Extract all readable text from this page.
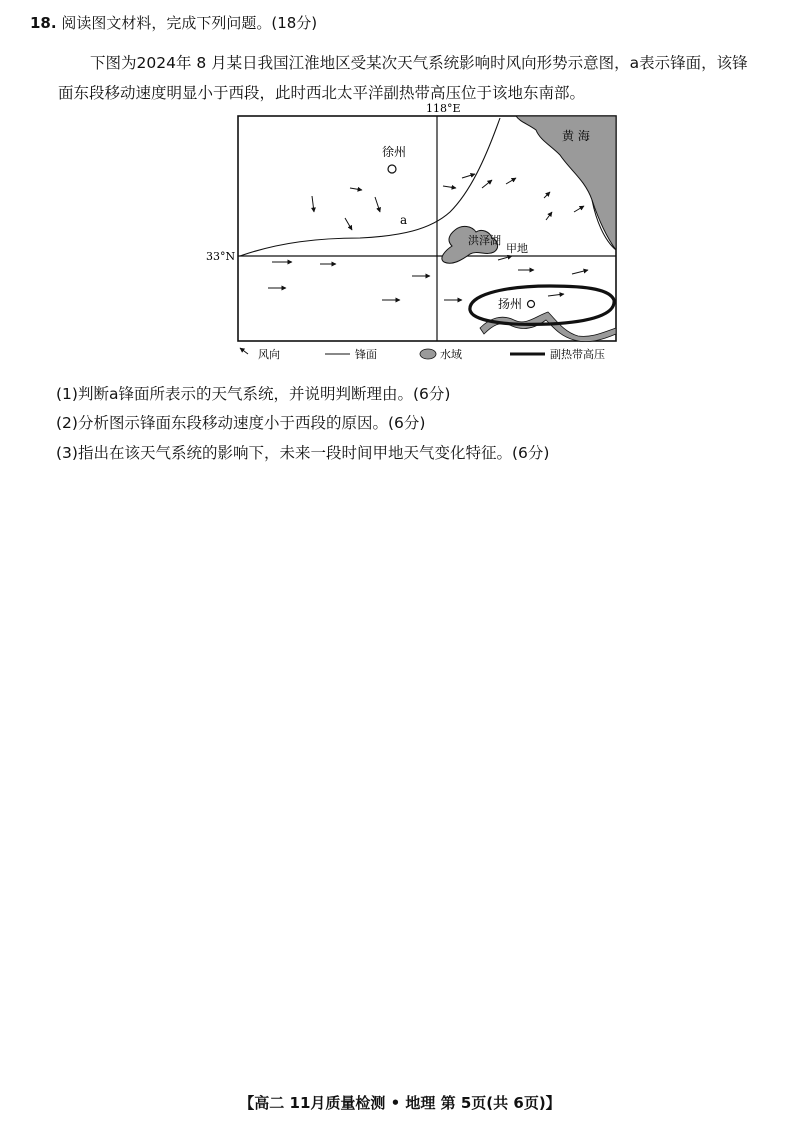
18. 阅读图文材料，完成下列问题。(18分)
下图为2024年 8 月某日我国江淮地区受某次天气系统影响时风向形势示意图，a表示锋面，该锋
面东段移动速度明显小于西段，此时西北太平洋副热带高压位于该地东南部。
118°E
33°N
黄 海
徐州
a
洪泽湖
甲地
扬州
风向	锋面	水域	副热带高压
(1)判断a锋面所表示的天气系统，并说明判断理由。(6分)
(2)分析图示锋面东段移动速度小于西段的原因。(6分)
(3)指出在该天气系统的影响下，未来一段时间甲地天气变化特征。(6分)
【高二 11月质量检测 • 地理 第 5页(共 6页)】
